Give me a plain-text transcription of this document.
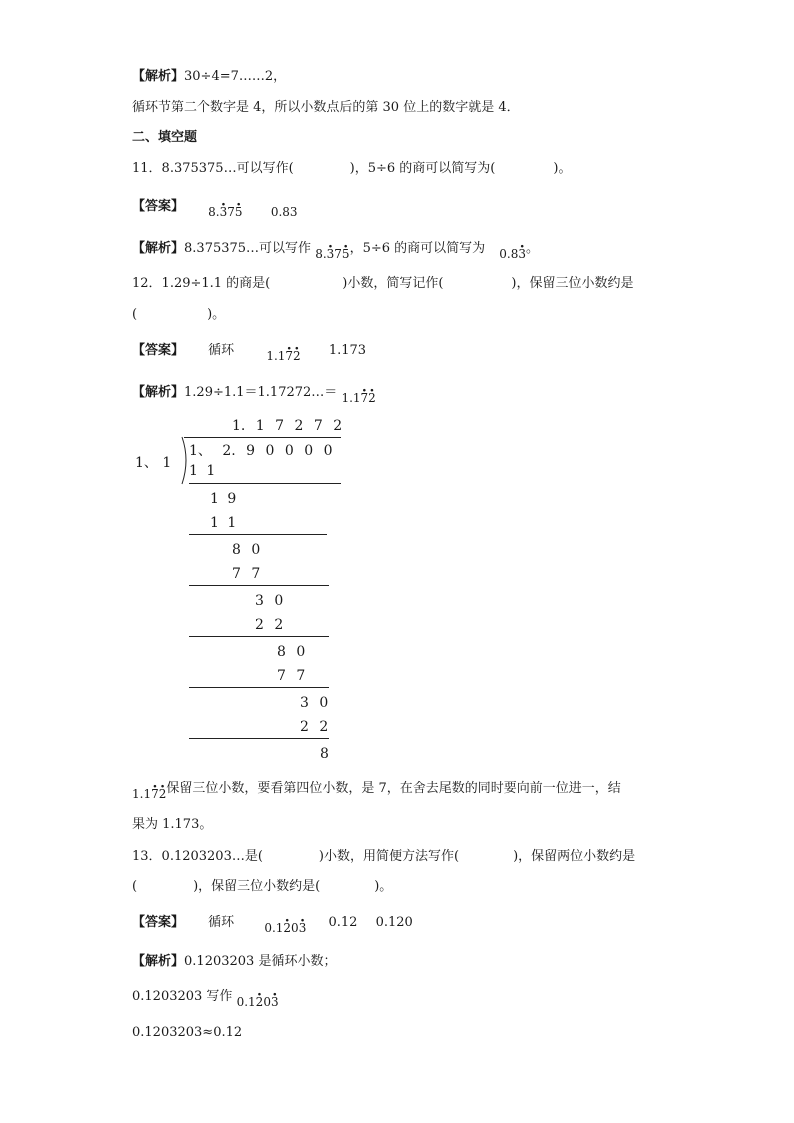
【解析】30÷4=7……2，
循环节第二个数字是 4，所以小数点后的第 30 位上的数字就是 4．
二、填空题
11．8.375375…可以写作(	)，5÷6 的商可以简写为(	)。
【答案】 8.3 ·75 · 0.83
【解析】8.375375…可以写作 8.3 ·75 ·，5÷6 的商可以简写为 0.83 ·。
12．1.29÷1.1 的商是(	)小数，简写记作(	)，保留三位小数约是
(	)。
【答案】 循环	1.17 ·2 · 1.173
【解析】1.29÷1.1＝1.17272…＝ 1.17 ·2 ·
1. 1 7 2 7 2
1、 1
1、 2. 9 0 0 0 0
1 1
1 9
1 1
8 0
7 7
3 0
2 2
8 0
7 7
3 0
2 2
8
1.17 ·2 ·保留三位小数，要看第四位小数，是 7，在舍去尾数的同时要向前一位进一，结
果为 1.173。
13．0.1203203…是(	)小数，用简便方法写作(	)，保留两位小数约是
(	)，保留三位小数约是(	)。
【答案】 循环	0.12 ·03 · 0.12 0.120
【解析】0.1203203 是循环小数；
0.1203203 写作 0.12 ·03 ·
0.1203203≈0.12
